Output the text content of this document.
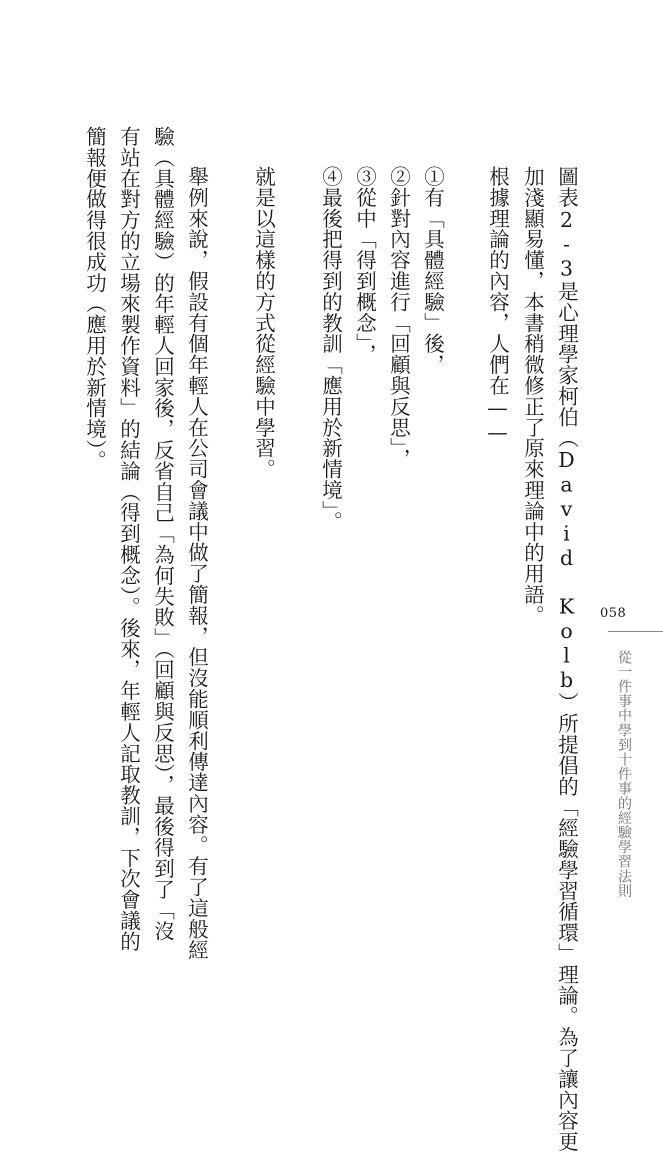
圖表2-3是心理學家柯伯（David Kolb）所提倡的「經驗學習循環」理論。為了讓內容更
加淺顯易懂，本書稍微修正了原來理論中的用語。
根據理論的內容，人們在——
①有「具體經驗」後，
②針對內容進行「回顧與反思」，
③從中「得到概念」，
④最後把得到的教訓「應用於新情境」。
就是以這樣的方式從經驗中學習。
舉例來說，假設有個年輕人在公司會議中做了簡報，但沒能順利傳達內容。有了這般經
驗（具體經驗）的年輕人回家後，反省自己「為何失敗」（回顧與反思），最後得到了「沒
有站在對方的立場來製作資料」的結論（得到概念）。後來，年輕人記取教訓，下次會議的
簡報便做得很成功（應用於新情境）。
058
從一件事中學到十件事的經驗學習法則
